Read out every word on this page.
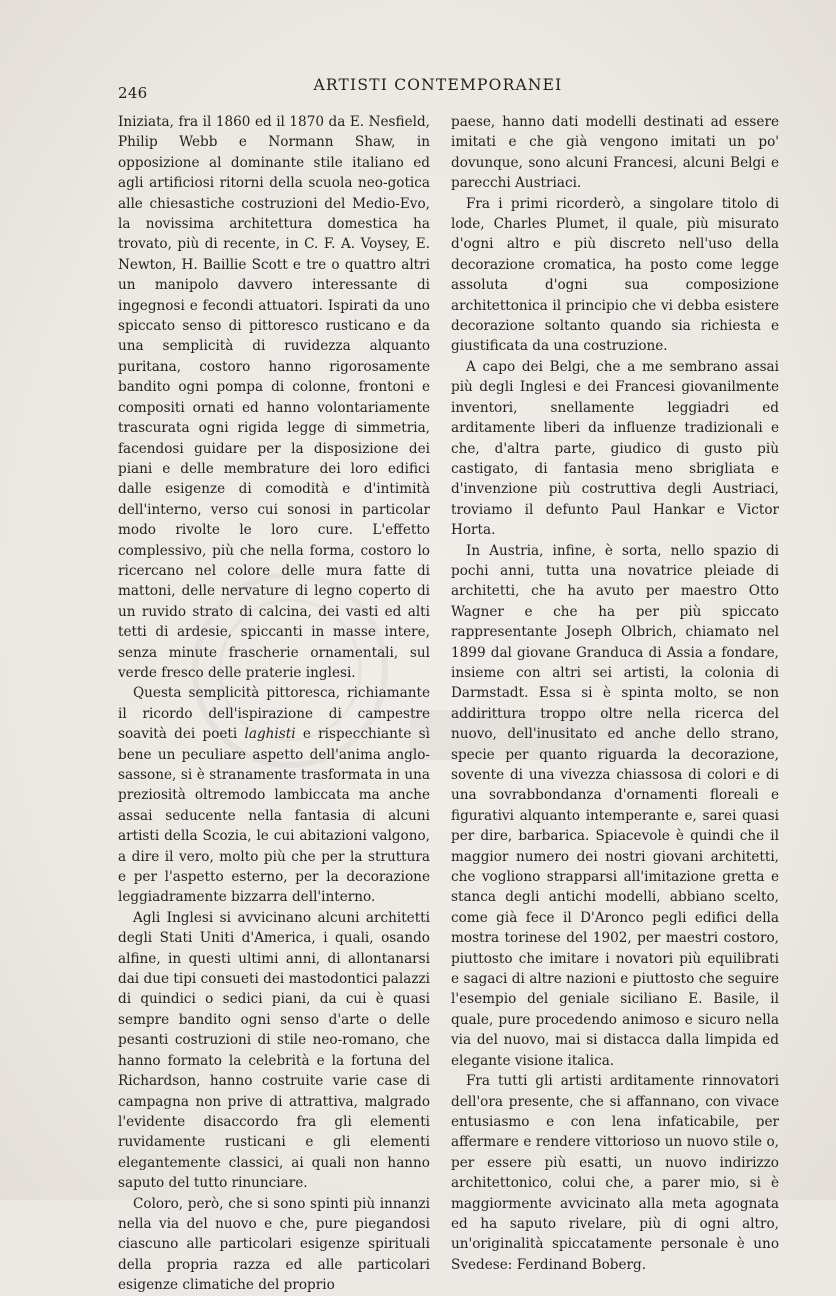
246	ARTISTI CONTEMPORANEI

Iniziata, fra il 1860 ed il 1870 da E. Nesfield, Philip Webb e Normann Shaw, in opposizione al dominante stile italiano ed agli artificiosi ritorni della scuola neo-gotica alle chiesastiche costruzioni del Medio-Evo, la novissima architettura domestica ha trovato, più di recente, in C. F. A. Voysey, E. Newton, H. Baillie Scott e tre o quattro altri un manipolo davvero interessante di ingegnosi e fecondi attuatori. Ispirati da uno spiccato senso di pittoresco rusticano e da una semplicità di ruvidezza alquanto puritana, costoro hanno rigorosamente bandito ogni pompa di colonne, frontoni e compositi ornati ed hanno volontariamente trascurata ogni rigida legge di simmetria, facendosi guidare per la disposizione dei piani e delle membrature dei loro edifici dalle esigenze di comodità e d'intimità dell'interno, verso cui sonosi in particolar modo rivolte le loro cure. L'effetto complessivo, più che nella forma, costoro lo ricercano nel colore delle mura fatte di mattoni, delle nervature di legno coperto di un ruvido strato di calcina, dei vasti ed alti tetti di ardesie, spiccanti in masse intere, senza minute frascherie ornamentali, sul verde fresco delle praterie inglesi.

Questa semplicità pittoresca, richiamante il ricordo dell'ispirazione di campestre soavità dei poeti laghisti e rispecchiante sì bene un peculiare aspetto dell'anima anglo-sassone, si è stranamente trasformata in una preziosità oltremodo lambiccata ma anche assai seducente nella fantasia di alcuni artisti della Scozia, le cui abitazioni valgono, a dire il vero, molto più che per la struttura e per l'aspetto esterno, per la decorazione leggiadramente bizzarra dell'interno.

Agli Inglesi si avvicinano alcuni architetti degli Stati Uniti d'America, i quali, osando alfine, in questi ultimi anni, di allontanarsi dai due tipi consueti dei mastodontici palazzi di quindici o sedici piani, da cui è quasi sempre bandito ogni senso d'arte o delle pesanti costruzioni di stile neo-romano, che hanno formato la celebrità e la fortuna del Richardson, hanno costruite varie case di campagna non prive di attrattiva, malgrado l'evidente disaccordo fra gli elementi ruvidamente rusticani e gli elementi elegantemente classici, ai quali non hanno saputo del tutto rinunciare.

Coloro, però, che si sono spinti più innanzi nella via del nuovo e che, pure piegandosi ciascuno alle particolari esigenze spirituali della propria razza ed alle particolari esigenze climatiche del proprio

paese, hanno dati modelli destinati ad essere imitati e che già vengono imitati un po' dovunque, sono alcuni Francesi, alcuni Belgi e parecchi Austriaci.

Fra i primi ricorderò, a singolare titolo di lode, Charles Plumet, il quale, più misurato d'ogni altro e più discreto nell'uso della decorazione cromatica, ha posto come legge assoluta d'ogni sua composizione architettonica il principio che vi debba esistere decorazione soltanto quando sia richiesta e giustificata da una costruzione.

A capo dei Belgi, che a me sembrano assai più degli Inglesi e dei Francesi giovanilmente inventori, snellamente leggiadri ed arditamente liberi da influenze tradizionali e che, d'altra parte, giudico di gusto più castigato, di fantasia meno sbrigliata e d'invenzione più costruttiva degli Austriaci, troviamo il defunto Paul Hankar e Victor Horta.

In Austria, infine, è sorta, nello spazio di pochi anni, tutta una novatrice pleiade di architetti, che ha avuto per maestro Otto Wagner e che ha per più spiccato rappresentante Joseph Olbrich, chiamato nel 1899 dal giovane Granduca di Assia a fondare, insieme con altri sei artisti, la colonia di Darmstadt. Essa si è spinta molto, se non addirittura troppo oltre nella ricerca del nuovo, dell'inusitato ed anche dello strano, specie per quanto riguarda la decorazione, sovente di una vivezza chiassosa di colori e di una sovrabbondanza d'ornamenti floreali e figurativi alquanto intemperante e, sarei quasi per dire, barbarica. Spiacevole è quindi che il maggior numero dei nostri giovani architetti, che vogliono strapparsi all'imitazione gretta e stanca degli antichi modelli, abbiano scelto, come già fece il D'Aronco pegli edifici della mostra torinese del 1902, per maestri costoro, piuttosto che imitare i novatori più equilibrati e sagaci di altre nazioni e piuttosto che seguire l'esempio del geniale siciliano E. Basile, il quale, pure procedendo animoso e sicuro nella via del nuovo, mai si distacca dalla limpida ed elegante visione italica.

Fra tutti gli artisti arditamente rinnovatori dell'ora presente, che si affannano, con vivace entusiasmo e con lena infaticabile, per affermare e rendere vittorioso un nuovo stile o, per essere più esatti, un nuovo indirizzo architettonico, colui che, a parer mio, si è maggiormente avvicinato alla meta agognata ed ha saputo rivelare, più di ogni altro, un'originalità spiccatamente personale è uno Svedese: Ferdinand Boberg.
